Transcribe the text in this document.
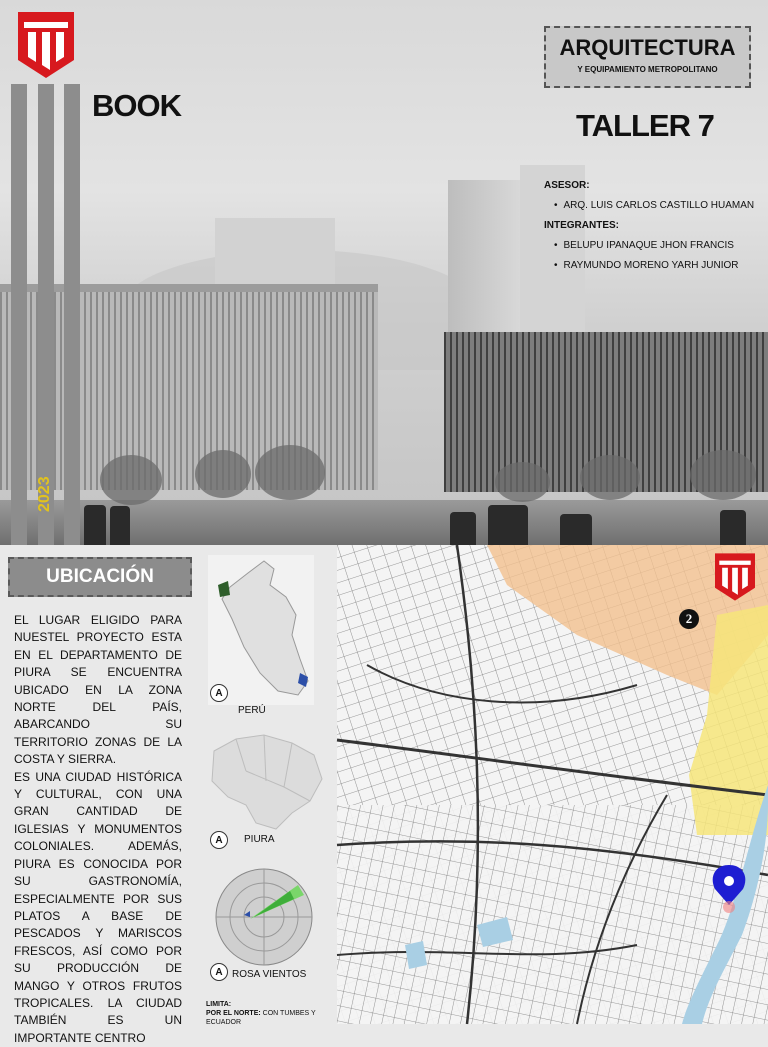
2023
BOOK
ARQUITECTURA
Y EQUIPAMIENTO METROPOLITANO
TALLER 7
ASESOR:
• ARQ. LUIS CARLOS CASTILLO HUAMAN
INTEGRANTES:
• BELUPU IPANAQUE JHON FRANCIS
• RAYMUNDO MORENO YARH JUNIOR
UBICACIÓN
EL LUGAR ELIGIDO PARA NUESTEL PROYECTO ESTA EN EL DEPARTAMENTO DE PIURA SE ENCUENTRA UBICADO EN LA ZONA NORTE DEL PAÍS, ABARCANDO SU TERRITORIO ZONAS DE LA COSTA Y SIERRA.
ES UNA CIUDAD HISTÓRICA Y CULTURAL, CON UNA GRAN CANTIDAD DE IGLESIAS Y MONUMENTOS COLONIALES. ADEMÁS, PIURA ES CONOCIDA POR SU GASTRONOMÍA, ESPECIALMENTE POR SUS PLATOS A BASE DE PESCADOS Y MARISCOS FRESCOS, ASÍ COMO POR SU PRODUCCIÓN DE MANGO Y OTROS FRUTOS TROPICALES. LA CIUDAD TAMBIÉN ES UN IMPORTANTE CENTRO
A
PERÚ
A	PIURA
A ROSA VIENTOS
LIMITA:
POR EL NORTE: CON TUMBES Y ECUADOR
2
